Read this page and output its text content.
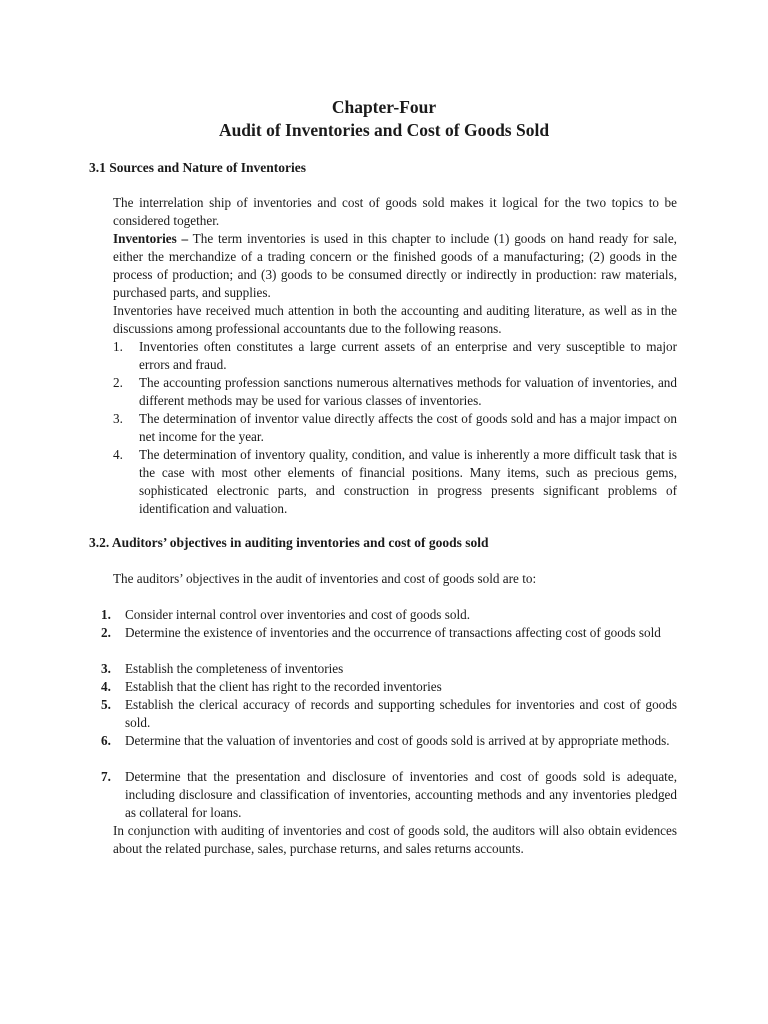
Chapter-Four
Audit of Inventories and Cost of Goods Sold
3.1 Sources and Nature of Inventories

The interrelation ship of inventories and cost of goods sold makes it logical for the two topics to be considered together.

Inventories – The term inventories is used in this chapter to include (1) goods on hand ready for sale, either the merchandize of a trading concern or the finished goods of a manufacturing; (2) goods in the process of production; and (3) goods to be consumed directly or indirectly in production: raw materials, purchased parts, and supplies.

Inventories have received much attention in both the accounting and auditing literature, as well as in the discussions among professional accountants due to the following reasons.

1. Inventories often constitutes a large current assets of an enterprise and very susceptible to major errors and fraud.

2. The accounting profession sanctions numerous alternatives methods for valuation of inventories, and different methods may be used for various classes of inventories.

3. The determination of inventor value directly affects the cost of goods sold and has a major impact on net income for the year.

4. The determination of inventory quality, condition, and value is inherently a more difficult task that is the case with most other elements of financial positions. Many items, such as precious gems, sophisticated electronic parts, and construction in progress presents significant problems of identification and valuation.

3.2. Auditors’ objectives in auditing inventories and cost of goods sold

The auditors’ objectives in the audit of inventories and cost of goods sold are to:

1. Consider internal control over inventories and cost of goods sold.

2. Determine the existence of inventories and the occurrence of transactions affecting cost of goods sold

3. Establish the completeness of inventories

4. Establish that the client has right to the recorded inventories

5. Establish the clerical accuracy of records and supporting schedules for inventories and cost of goods sold.

6. Determine that the valuation of inventories and cost of goods sold is arrived at by appropriate methods.

7. Determine that the presentation and disclosure of inventories and cost of goods sold is adequate, including disclosure and classification of inventories, accounting methods and any inventories pledged as collateral for loans.

In conjunction with auditing of inventories and cost of goods sold, the auditors will also obtain evidences about the related purchase, sales, purchase returns, and sales returns accounts.
